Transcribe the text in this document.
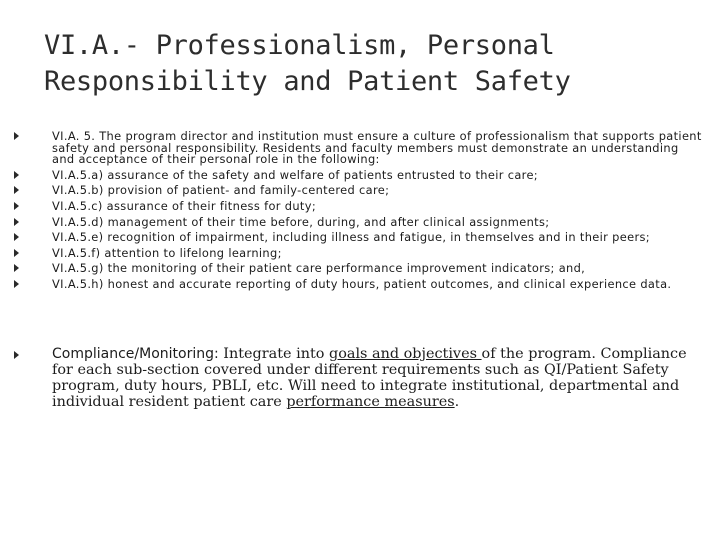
VI.A.- Professionalism, Personal
Responsibility and Patient Safety
VI.A. 5. The program director and institution must ensure a culture of professionalism that supports patient safety and personal responsibility. Residents and faculty members must demonstrate an understanding and acceptance of their personal role in the following:
VI.A.5.a) assurance of the safety and welfare of patients entrusted to their care;
VI.A.5.b) provision of patient- and family-centered care;
VI.A.5.c) assurance of their fitness for duty;
VI.A.5.d) management of their time before, during, and after clinical assignments;
VI.A.5.e) recognition of impairment, including illness and fatigue, in themselves and in their peers;
VI.A.5.f) attention to lifelong learning;
VI.A.5.g) the monitoring of their patient care performance improvement indicators; and,
VI.A.5.h) honest and accurate reporting of duty hours, patient outcomes, and clinical experience data.
Compliance/Monitoring: Integrate into goals and objectives of the program. Compliance for each sub-section covered under different requirements such as QI/Patient Safety program, duty hours, PBLI, etc. Will need to integrate institutional, departmental and individual resident patient care performance measures.
